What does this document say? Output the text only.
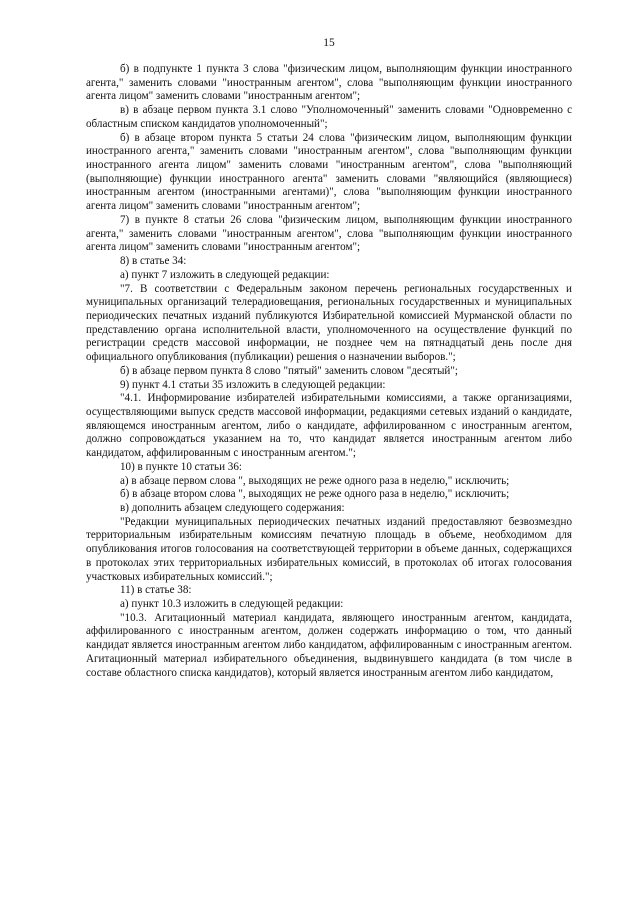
15

б) в подпункте 1 пункта 3 слова "физическим лицом, выполняющим функции иностранного агента," заменить словами "иностранным агентом", слова "выполняющим функции иностранного агента лицом" заменить словами "иностранным агентом";

в) в абзаце первом пункта 3.1 слово "Уполномоченный" заменить словами "Одновременно с областным списком кандидатов уполномоченный";

б) в абзаце втором пункта 5 статьи 24 слова "физическим лицом, выполняющим функции иностранного агента," заменить словами "иностранным агентом", слова "выполняющим функции иностранного агента лицом" заменить словами "иностранным агентом", слова "выполняющий (выполняющие) функции иностранного агента" заменить словами "являющийся (являющиеся) иностранным агентом (иностранными агентами)", слова "выполняющим функции иностранного агента лицом" заменить словами "иностранным агентом";

7) в пункте 8 статьи 26 слова "физическим лицом, выполняющим функции иностранного агента," заменить словами "иностранным агентом", слова "выполняющим функции иностранного агента лицом" заменить словами "иностранным агентом";

8) в статье 34:

а) пункт 7 изложить в следующей редакции:

"7. В соответствии с Федеральным законом перечень региональных государственных и муниципальных организаций телерадиовещания, региональных государственных и муниципальных периодических печатных изданий публикуются Избирательной комиссией Мурманской области по представлению органа исполнительной власти, уполномоченного на осуществление функций по регистрации средств массовой информации, не позднее чем на пятнадцатый день после дня официального опубликования (публикации) решения о назначении выборов.";

б) в абзаце первом пункта 8 слово "пятый" заменить словом "десятый";

9) пункт 4.1 статьи 35 изложить в следующей редакции:

"4.1. Информирование избирателей избирательными комиссиями, а также организациями, осуществляющими выпуск средств массовой информации, редакциями сетевых изданий о кандидате, являющемся иностранным агентом, либо о кандидате, аффилированном с иностранным агентом, должно сопровождаться указанием на то, что кандидат является иностранным агентом либо кандидатом, аффилированным с иностранным агентом.";

10) в пункте 10 статьи 36:

а) в абзаце первом слова ", выходящих не реже одного раза в неделю," исключить;

б) в абзаце втором слова ", выходящих не реже одного раза в неделю," исключить;

в) дополнить абзацем следующего содержания:

"Редакции муниципальных периодических печатных изданий предоставляют безвозмездно территориальным избирательным комиссиям печатную площадь в объеме, необходимом для опубликования итогов голосования на соответствующей территории в объеме данных, содержащихся в протоколах этих территориальных избирательных комиссий, в протоколах об итогах голосования участковых избирательных комиссий.";

11) в статье 38:

а) пункт 10.3 изложить в следующей редакции:

"10.3. Агитационный материал кандидата, являющего иностранным агентом, кандидата, аффилированного с иностранным агентом, должен содержать информацию о том, что данный кандидат является иностранным агентом либо кандидатом, аффилированным с иностранным агентом. Агитационный материал избирательного объединения, выдвинувшего кандидата (в том числе в составе областного списка кандидатов), который является иностранным агентом либо кандидатом,
